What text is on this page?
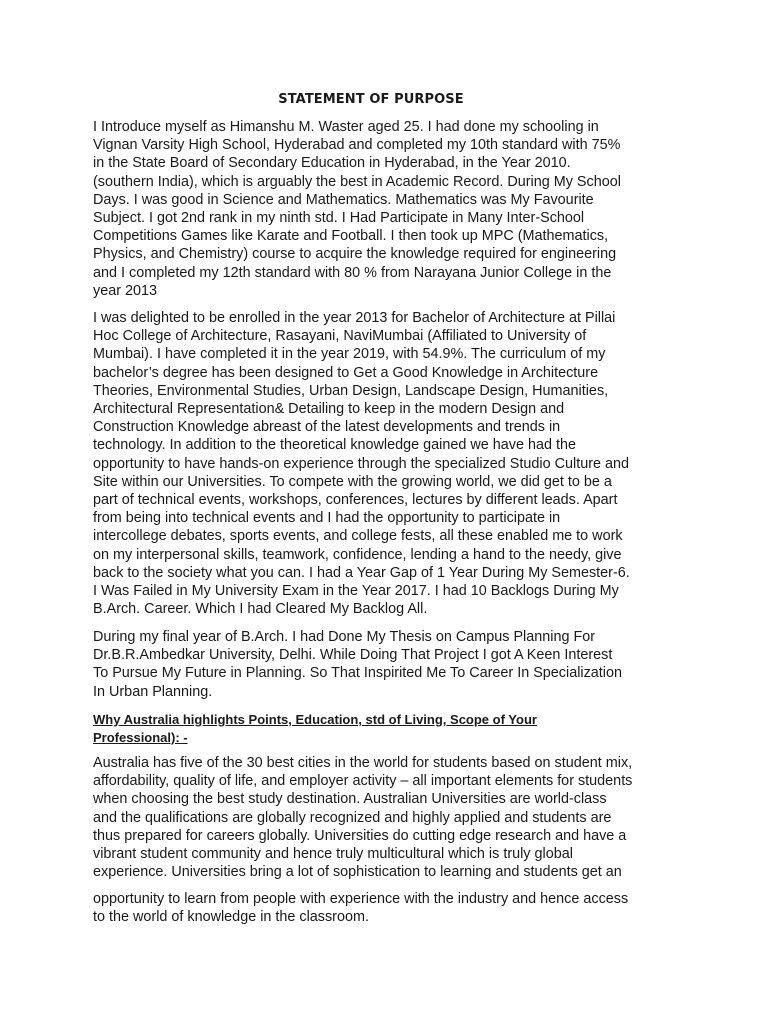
STATEMENT OF PURPOSE

I Introduce myself as Himanshu M. Waster aged 25. I had done my schooling in
Vignan Varsity High School, Hyderabad and completed my 10th standard with 75%
in the State Board of Secondary Education in Hyderabad, in the Year 2010.
(southern India), which is arguably the best in Academic Record. During My School
Days. I was good in Science and Mathematics. Mathematics was My Favourite
Subject. I got 2nd rank in my ninth std. I Had Participate in Many Inter-School
Competitions Games like Karate and Football. I then took up MPC (Mathematics,
Physics, and Chemistry) course to acquire the knowledge required for engineering
and I completed my 12th standard with 80 % from Narayana Junior College in the
year 2013

I was delighted to be enrolled in the year 2013 for Bachelor of Architecture at Pillai
Hoc College of Architecture, Rasayani, NaviMumbai (Affiliated to University of
Mumbai). I have completed it in the year 2019, with 54.9%. The curriculum of my
bachelor’s degree has been designed to Get a Good Knowledge in Architecture
Theories, Environmental Studies, Urban Design, Landscape Design, Humanities,
Architectural Representation& Detailing to keep in the modern Design and
Construction Knowledge abreast of the latest developments and trends in
technology. In addition to the theoretical knowledge gained we have had the
opportunity to have hands-on experience through the specialized Studio Culture and
Site within our Universities. To compete with the growing world, we did get to be a
part of technical events, workshops, conferences, lectures by different leads. Apart
from being into technical events and I had the opportunity to participate in
intercollege debates, sports events, and college fests, all these enabled me to work
on my interpersonal skills, teamwork, confidence, lending a hand to the needy, give
back to the society what you can. I had a Year Gap of 1 Year During My Semester-6.
I Was Failed in My University Exam in the Year 2017. I had 10 Backlogs During My
B.Arch. Career. Which I had Cleared My Backlog All.

During my final year of B.Arch. I had Done My Thesis on Campus Planning For
Dr.B.R.Ambedkar University, Delhi. While Doing That Project I got A Keen Interest
To Pursue My Future in Planning. So That Inspirited Me To Career In Specialization
In Urban Planning.

Why Australia highlights Points, Education, std of Living, Scope of Your
Professional): -

Australia has five of the 30 best cities in the world for students based on student mix,
affordability, quality of life, and employer activity – all important elements for students
when choosing the best study destination. Australian Universities are world-class
and the qualifications are globally recognized and highly applied and students are
thus prepared for careers globally. Universities do cutting edge research and have a
vibrant student community and hence truly multicultural which is truly global
experience. Universities bring a lot of sophistication to learning and students get an

opportunity to learn from people with experience with the industry and hence access
to the world of knowledge in the classroom.
